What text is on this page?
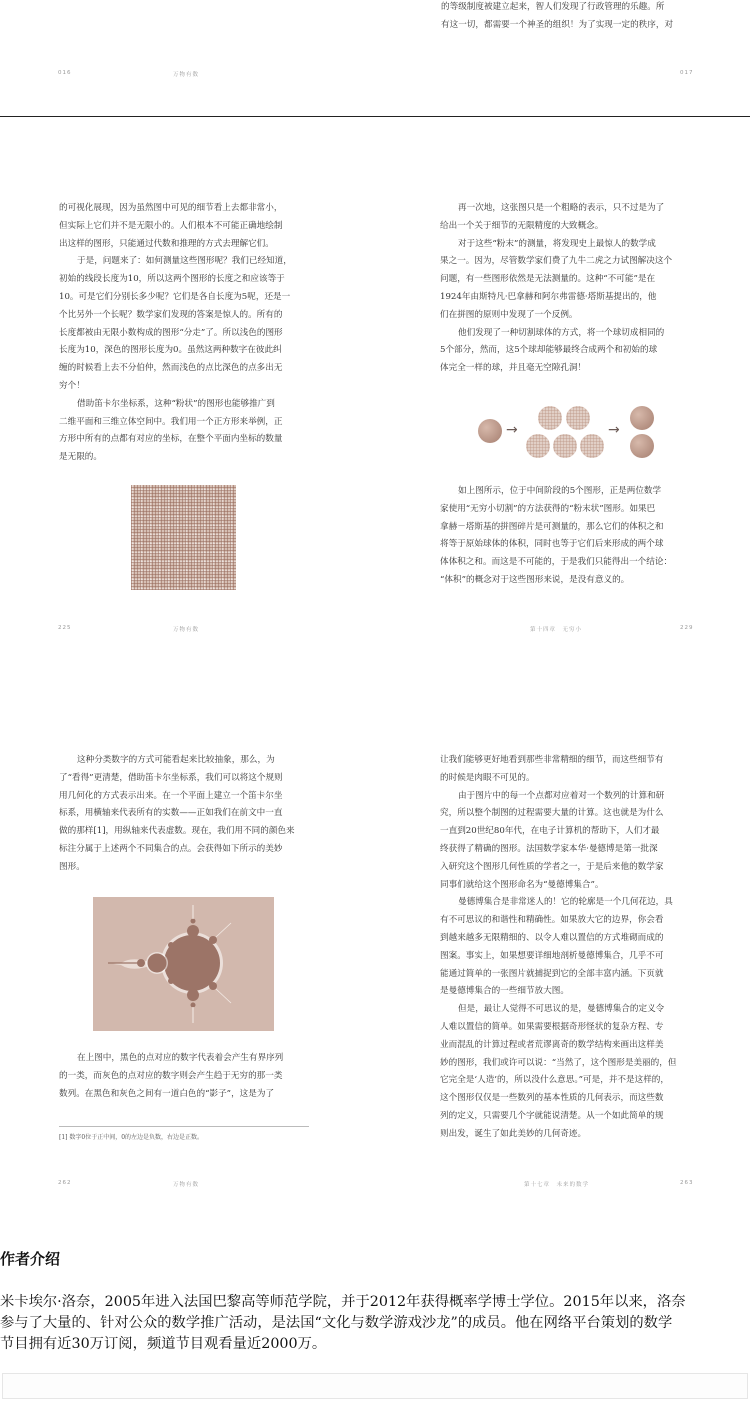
的等级制度被建立起来，智人们发现了行政管理的乐趣。所
有这一切，都需要一个神圣的组织！为了实现一定的秩序，对
016	万物有数	017
的可视化展现，因为虽然图中可见的细节看上去都非常小，
但实际上它们并不是无限小的。人们根本不可能正确地绘制
出这样的图形，只能通过代数和推理的方式去理解它们。
于是，问题来了：如何测量这些图形呢？我们已经知道，
初始的线段长度为10，所以这两个图形的长度之和应该等于
10。可是它们分别长多少呢？它们是各自长度为5呢，还是一
个比另外一个长呢？数学家们发现的答案是惊人的。所有的
长度都被由无限小数构成的图形“分走”了。所以浅色的图形
长度为10，深色的图形长度为0。虽然这两种数字在彼此纠
缠的时候看上去不分伯仲，然而浅色的点比深色的点多出无
穷个！
借助笛卡尔坐标系，这种“粉状”的图形也能够推广到
二维平面和三维立体空间中。我们用一个正方形来举例，正
方形中所有的点都有对应的坐标，在整个平面内坐标的数量
是无限的。
再一次地，这张图只是一个粗略的表示，只不过是为了
给出一个关于细节的无限精度的大致概念。
对于这些“粉末”的测量，将发现史上最惊人的数学成
果之一。因为，尽管数学家们费了九牛二虎之力试图解决这个
问题，有一些图形依然是无法测量的。这种“不可能”是在
1924年由斯特凡·巴拿赫和阿尔弗雷德·塔斯基提出的，他
们在拼图的原则中发现了一个反例。
他们发现了一种切割球体的方式，将一个球切成相同的
5个部分，然而，这5个球却能够最终合成两个和初始的球
体完全一样的球，并且毫无空隙孔洞！
→	→
如上图所示，位于中间阶段的5个图形，正是两位数学
家使用“无穷小切割”的方法获得的“粉末状”图形。如果巴
拿赫－塔斯基的拼图碎片是可测量的，那么它们的体积之和
将等于原始球体的体积，同时也等于它们后来形成的两个球
体体积之和。而这是不可能的，于是我们只能得出一个结论：
“体积”的概念对于这些图形来说，是没有意义的。
225	万物有数	第十四章　无穷小	229
这种分类数字的方式可能看起来比较抽象，那么，为
了“看得”更清楚，借助笛卡尔坐标系，我们可以将这个规则
用几何化的方式表示出来。在一个平面上建立一个笛卡尔坐
标系，用横轴来代表所有的实数——正如我们在前文中一直
做的那样[1]，用纵轴来代表虚数。现在，我们用不同的颜色来
标注分属于上述两个不同集合的点。会获得如下所示的美妙
图形。
在上图中，黑色的点对应的数字代表着会产生有界序列
的一类，而灰色的点对应的数字则会产生趋于无穷的那一类
数列。在黑色和灰色之间有一道白色的“影子”，这是为了
[1] 数字0位于正中间，0的左边是负数，右边是正数。
让我们能够更好地看到那些非常精细的细节，而这些细节有
的时候是肉眼不可见的。
由于图片中的每一个点都对应着对一个数列的计算和研
究，所以整个制图的过程需要大量的计算。这也就是为什么
一直到20世纪80年代，在电子计算机的帮助下，人们才最
终获得了精确的图形。法国数学家本华·曼德博是第一批深
入研究这个图形几何性质的学者之一，于是后来他的数学家
同事们就给这个图形命名为“曼德博集合”。
曼德博集合是非常迷人的！它的轮廓是一个几何花边，具
有不可思议的和谐性和精确性。如果放大它的边界，你会看
到越来越多无限精细的、以令人难以置信的方式堆砌而成的
图案。事实上，如果想要详细地剖析曼德博集合，几乎不可
能通过简单的一张图片就捕捉到它的全部丰富内涵。下页就
是曼德博集合的一些细节放大图。
但是，最让人觉得不可思议的是，曼德博集合的定义令
人难以置信的简单。如果需要根据奇形怪状的复杂方程、专
业而混乱的计算过程或者荒谬离奇的数学结构来画出这样美
妙的图形，我们或许可以说：“当然了，这个图形是美丽的，但
它完全是‘人造’的，所以没什么意思。”可是，并不是这样的，
这个图形仅仅是一些数列的基本性质的几何表示，而这些数
列的定义，只需要几个字就能说清楚。从一个如此简单的规
则出发，诞生了如此美妙的几何奇迹。
262	万物有数	第十七章　未来的数学	263
作者介绍

米卡埃尔·洛奈，2005年进入法国巴黎高等师范学院，并于2012年获得概率学博士学位。2015年以来，洛奈

参与了大量的、针对公众的数学推广活动，是法国“文化与数学游戏沙龙”的成员。他在网络平台策划的数学

节目拥有近30万订阅，频道节目观看量近2000万。
